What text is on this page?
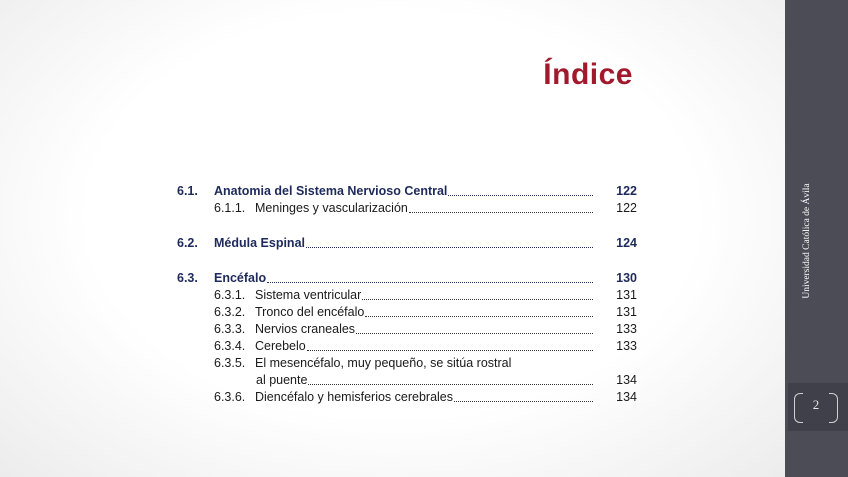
Índice
6.1. Anatomia del Sistema Nervioso Central	122
6.1.1. Meninges y vascularización	122
6.2. Médula Espinal	124
6.3. Encéfalo	130
6.3.1. Sistema ventricular	131
6.3.2. Tronco del encéfalo	131
6.3.3. Nervios craneales	133
6.3.4. Cerebelo	133
6.3.5. El mesencéfalo, muy pequeño, se sitúa rostral
al puente	134
6.3.6. Diencéfalo y hemisferios cerebrales	134
Universidad Católica de Ávila
2
